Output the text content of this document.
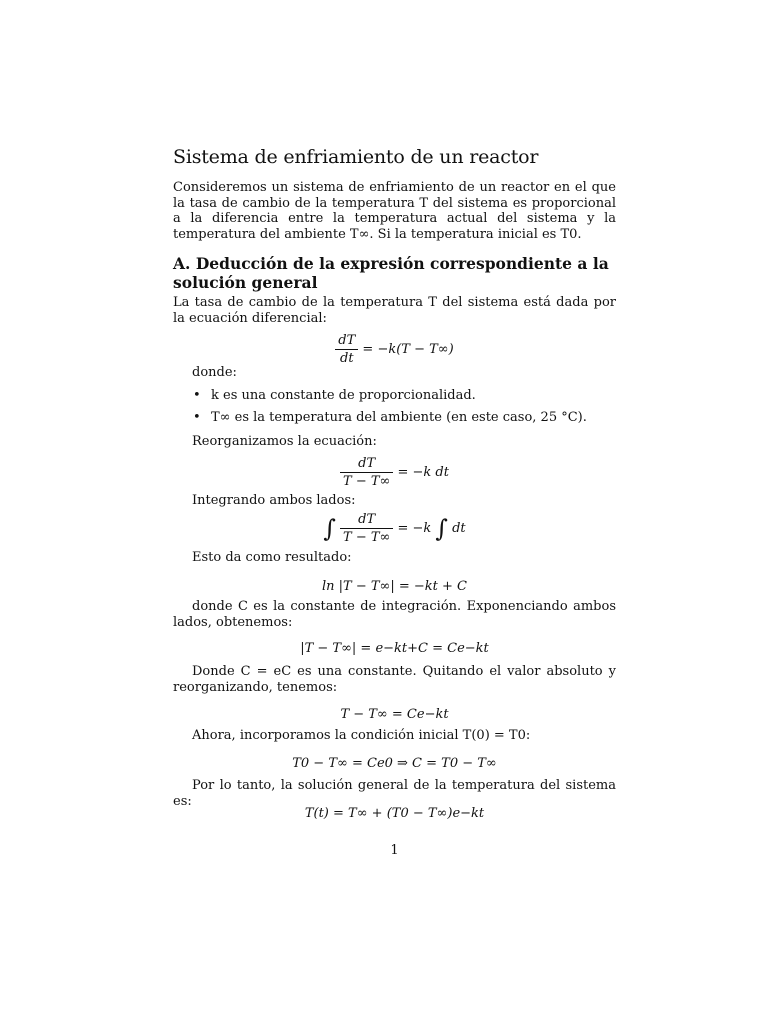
Sistema de enfriamiento de un reactor
Consideremos un sistema de enfriamiento de un reactor en el que la tasa de cambio de la temperatura T del sistema es proporcional a la diferencia entre la temperatura actual del sistema y la temperatura del ambiente T∞. Si la temperatura inicial es T0.
A. Deducción de la expresión correspondiente a la solución general
La tasa de cambio de la temperatura T del sistema está dada por la ecuación diferencial:
$\frac{dT}{dt} = -k(T - T\infty)$
donde:
• k es una constante de proporcionalidad.
• T∞ es la temperatura del ambiente (en este caso, 25 °C).
Reorganizamos la ecuación:
$\frac{dT}{T - T\infty} = -k$ dt
Integrando ambos lados:
∫ $\frac{dT}{T - T\infty} = -k$ ∫ dt
Esto da como resultado:
ln |T − T∞| = −kt + C
donde C es la constante de integración. Exponenciando ambos lados, obtenemos:
|T − T∞| = e−kt+C = Ce−kt
Donde C = eC es una constante. Quitando el valor absoluto y reorganizando, tenemos:
T − T∞ = Ce−kt
Ahora, incorporamos la condición inicial T(0) = T0:
T0 − T∞ = Ce0 ⇒ C = T0 − T∞
Por lo tanto, la solución general de la temperatura del sistema es:
T(t) = T∞ + (T0 − T∞)e−kt
1
